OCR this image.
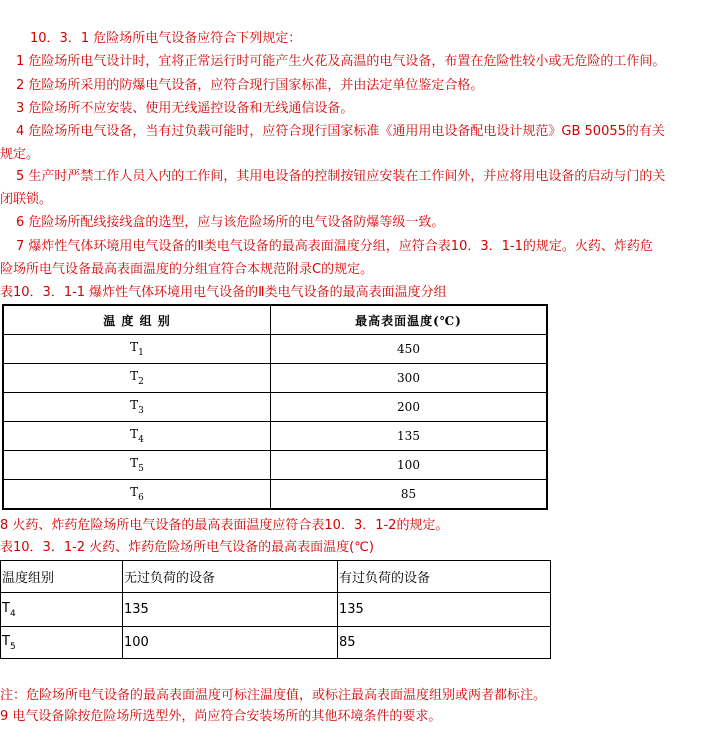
10．3．1 危险场所电气设备应符合下列规定：
1 危险场所电气设计时，宜将正常运行时可能产生火花及高温的电气设备，布置在危险性较小或无危险的工作间。
2 危险场所采用的防爆电气设备，应符合现行国家标准，并由法定单位鉴定合格。
3 危险场所不应安装、使用无线遥控设备和无线通信设备。
4 危险场所电气设备，当有过负载可能时，应符合现行国家标准《通用用电设备配电设计规范》GB 50055的有关
规定。
5 生产时严禁工作人员入内的工作间，其用电设备的控制按钮应安装在工作间外，并应将用电设备的启动与门的关
闭联锁。
6 危险场所配线接线盒的选型，应与该危险场所的电气设备防爆等级一致。
7 爆炸性气体环境用电气设备的Ⅱ类电气设备的最高表面温度分组，应符合表10．3．1-1的规定。火药、炸药危
险场所电气设备最高表面温度的分组宜符合本规范附录C的规定。
表10．3．1-1 爆炸性气体环境用电气设备的Ⅱ类电气设备的最高表面温度分组
温 度 组 别	最高表面温度(℃)
$T_1$	450
$T_2$	300
$T_3$	200
$T_4$	135
$T_5$	100
$T_6$	85
8 火药、炸药危险场所电气设备的最高表面温度应符合表10．3．1-2的规定。
表10．3．1-2 火药、炸药危险场所电气设备的最高表面温度(℃)
温度组别	无过负荷的设备	有过负荷的设备
$T_4$	135	135
$T_5$	100	85
注：危险场所电气设备的最高表面温度可标注温度值，或标注最高表面温度组别或两者都标注。
9 电气设备除按危险场所选型外，尚应符合安装场所的其他环境条件的要求。
